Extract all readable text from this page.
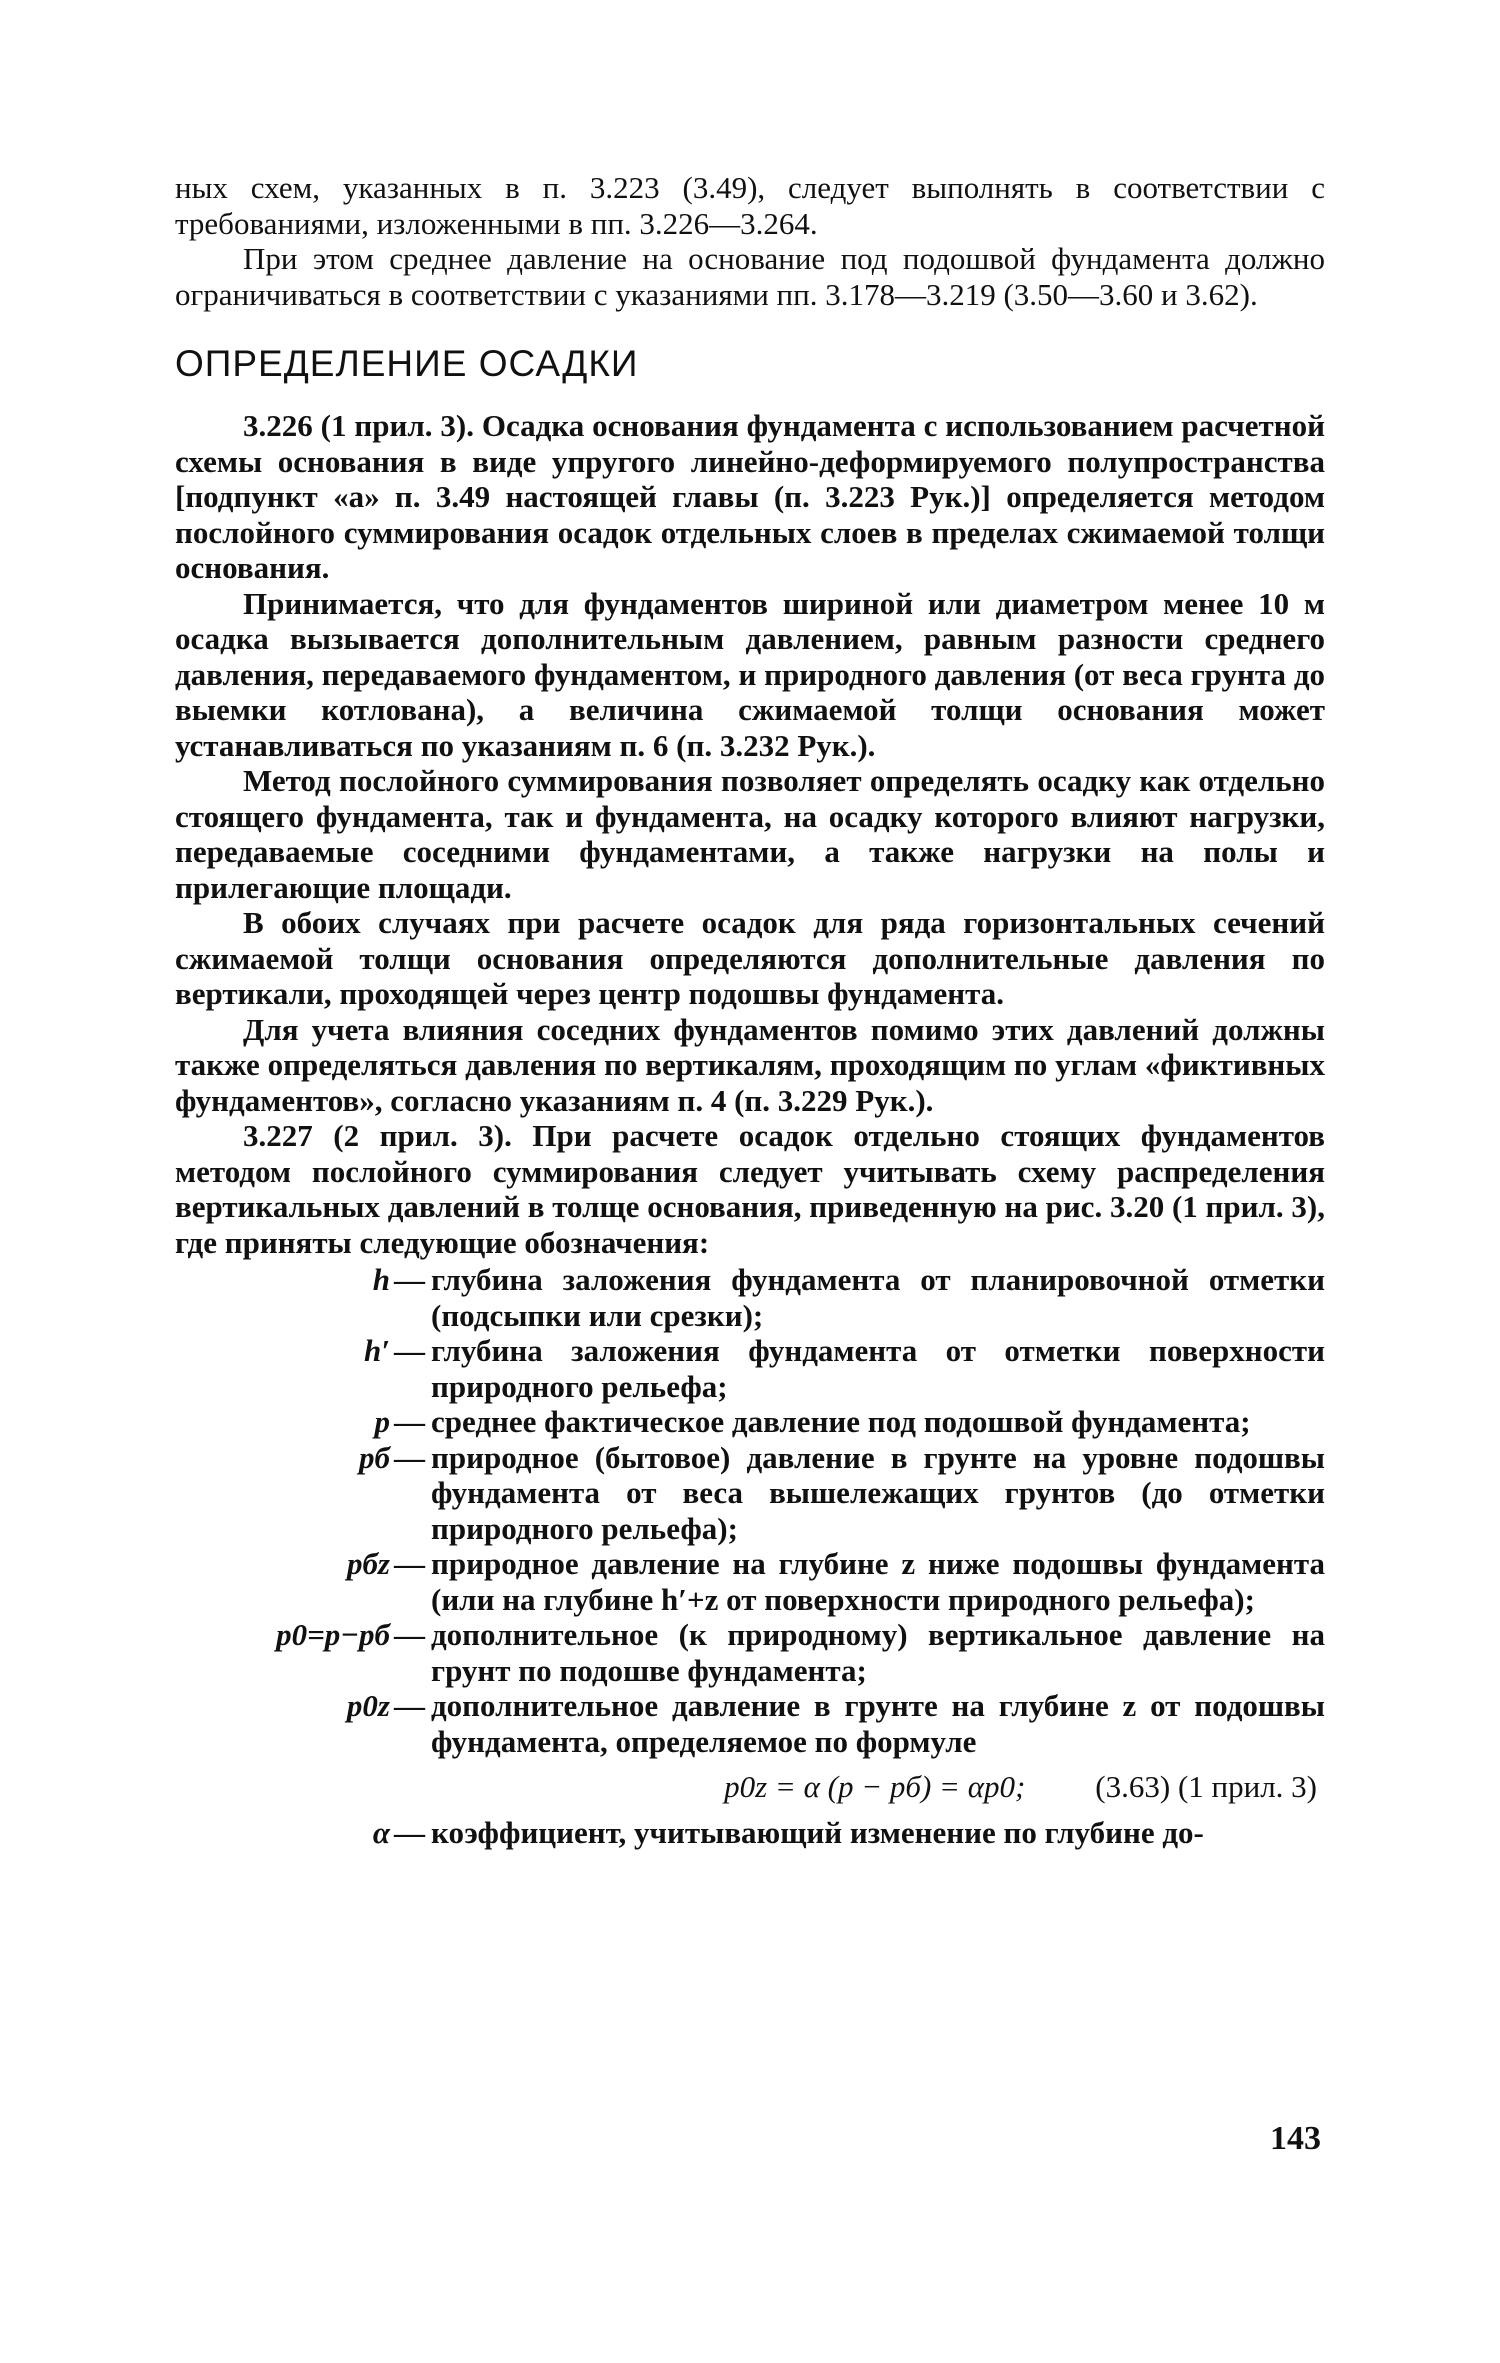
ных схем, указанных в п. 3.223 (3.49), следует выполнять в соответствии с требованиями, изложенными в пп. 3.226—3.264.

При этом среднее давление на основание под подошвой фундамента должно ограничиваться в соответствии с указаниями пп. 3.178—3.219 (3.50—3.60 и 3.62).

ОПРЕДЕЛЕНИЕ ОСАДКИ

3.226 (1 прил. 3). Осадка основания фундамента с использованием расчетной схемы основания в виде упругого линейно-деформируемого полупространства [подпункт «а» п. 3.49 настоящей главы (п. 3.223 Рук.)] определяется методом послойного суммирования осадок отдельных слоев в пределах сжимаемой толщи основания.

Принимается, что для фундаментов шириной или диаметром менее 10 м осадка вызывается дополнительным давлением, равным разности среднего давления, передаваемого фундаментом, и природного давления (от веса грунта до выемки котлована), а величина сжимаемой толщи основания может устанавливаться по указаниям п. 6 (п. 3.232 Рук.).

Метод послойного суммирования позволяет определять осадку как отдельно стоящего фундамента, так и фундамента, на осадку которого влияют нагрузки, передаваемые соседними фундаментами, а также нагрузки на полы и прилегающие площади.

В обоих случаях при расчете осадок для ряда горизонтальных сечений сжимаемой толщи основания определяются дополнительные давления по вертикали, проходящей через центр подошвы фундамента.

Для учета влияния соседних фундаментов помимо этих давлений должны также определяться давления по вертикалям, проходящим по углам «фиктивных фундаментов», согласно указаниям п. 4 (п. 3.229 Рук.).

3.227 (2 прил. 3). При расчете осадок отдельно стоящих фундаментов методом послойного суммирования следует учитывать схему распределения вертикальных давлений в толще основания, приведенную на рис. 3.20 (1 прил. 3), где приняты следующие обозначения:

h — глубина заложения фундамента от планировочной отметки (подсыпки или срезки);
h′ — глубина заложения фундамента от отметки поверхности природного рельефа;
p — среднее фактическое давление под подошвой фундамента;
pб — природное (бытовое) давление в грунте на уровне подошвы фундамента от веса вышележащих грунтов (до отметки природного рельефа);
pбz — природное давление на глубине z ниже подошвы фундамента (или на глубине h′+z от поверхности природного рельефа);
p0=p−pб — дополнительное (к природному) вертикальное давление на грунт по подошве фундамента;
p0z — дополнительное давление в грунте на глубине z от подошвы фундамента, определяемое по формуле
p0z = α (p − pб) = αp0; (3.63) (1 прил. 3)
α — коэффициент, учитывающий изменение по глубине до-
143
